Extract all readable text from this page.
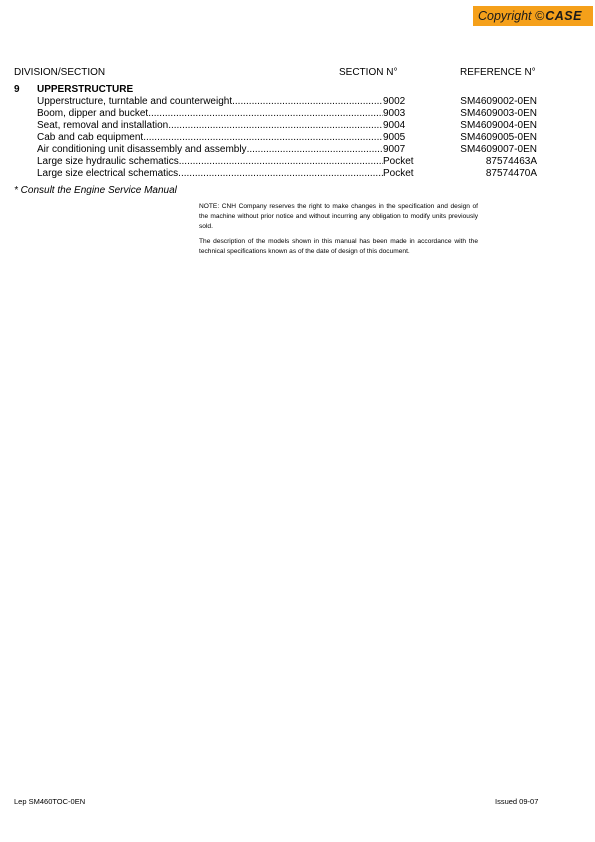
Copyright © CASE
DIVISION/SECTION	SECTION N°	REFERENCE N°
9 UPPERSTRUCTURE
Upperstructure, turntable and counterweight .....	9002	SM4609002-0EN
Boom, dipper and bucket .....	9003	SM4609003-0EN
Seat, removal and installation .....	9004	SM4609004-0EN
Cab and cab equipment .....	9005	SM4609005-0EN
Air conditioning unit disassembly and assembly .....	9007	SM4609007-0EN
Large size hydraulic schematics .....	Pocket	87574463A
Large size electrical schematics .....	Pocket	87574470A
* Consult the Engine Service Manual
NOTE: CNH Company reserves the right to make changes in the specification and design of the machine without prior notice and without incurring any obligation to modify units previously sold.
The description of the models shown in this manual has been made in accordance with the technical specifications known as of the date of design of this document.
Lep SM460TOC-0EN	Issued 09-07
